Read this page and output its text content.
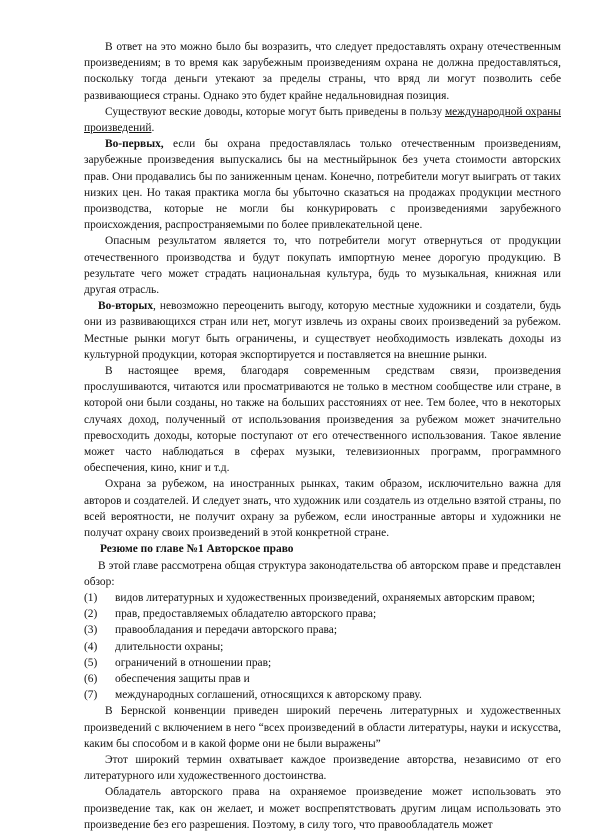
В ответ на это можно было бы возразить, что следует предоставлять охрану отечественным произведениям; в то время как зарубежным произведениям охрана не должна предоставляться, поскольку тогда деньги утекают за пределы страны, что вряд ли могут позволить себе развивающиеся страны. Однако это будет крайне недальновидная позиция.

Существуют веские доводы, которые могут быть приведены в пользу международной охраны произведений.

Во-первых, если бы охрана предоставлялась только отечественным произведениям, зарубежные произведения выпускались бы на местныйрынок без учета стоимости авторских прав. Они продавались бы по заниженным ценам. Конечно, потребители могут выиграть от таких низких цен. Но такая практика могла бы убыточно сказаться на продажах продукции местного производства, которые не могли бы конкурировать с произведениями зарубежного происхождения, распространяемыми по более привлекательной цене.

Опасным результатом является то, что потребители могут отвернуться от продукции отечественного производства и будут покупать импортную менее дорогую продукцию. В результате чего может страдать национальная культура, будь то музыкальная, книжная или другая отрасль.

Во-вторых, невозможно переоценить выгоду, которую местные художники и создатели, будь они из развивающихся стран или нет, могут извлечь из охраны своих произведений за рубежом. Местные рынки могут быть ограничены, и существует необходимость извлекать доходы из культурной продукции, которая экспортируется и поставляется на внешние рынки.

В настоящее время, благодаря современным средствам связи, произведения прослушиваются, читаются или просматриваются не только в местном сообществе или стране, в которой они были созданы, но также на больших расстояниях от нее. Тем более, что в некоторых случаях доход, полученный от использования произведения за рубежом может значительно превосходить доходы, которые поступают от его отечественного использования. Такое явление может часто наблюдаться в сферах музыки, телевизионных программ, программного обеспечения, кино, книг и т.д.

Охрана за рубежом, на иностранных рынках, таким образом, исключительно важна для авторов и создателей. И следует знать, что художник или создатель из отдельно взятой страны, по всей вероятности, не получит охрану за рубежом, если иностранные авторы и художники не получат охрану своих произведений в этой конкретной стране.

Резюме по главе №1 Авторское право

В этой главе рассмотрена общая структура законодательства об авторском праве и представлен обзор:

(1)	видов литературных и художественных произведений, охраняемых авторским правом;
(2)	прав, предоставляемых обладателю авторского права;
(3)	правообладания и передачи авторского права;
(4)	длительности охраны;
(5)	ограничений в отношении прав;
(6)	обеспечения защиты прав и
(7)	международных соглашений, относящихся к авторскому праву.

В Бернской конвенции приведен широкий перечень литературных и художественных произведений с включением в него “всех произведений в области литературы, науки и искусства, каким бы способом и в какой форме они не были выражены”

Этот широкий термин охватывает каждое произведение авторства, независимо от его литературного или художественного достоинства.

Обладатель авторского права на охраняемое произведение может использовать это произведение так, как он желает, и может воспрепятствовать другим лицам использовать это произведение без его разрешения. Поэтому, в силу того, что правообладатель может
